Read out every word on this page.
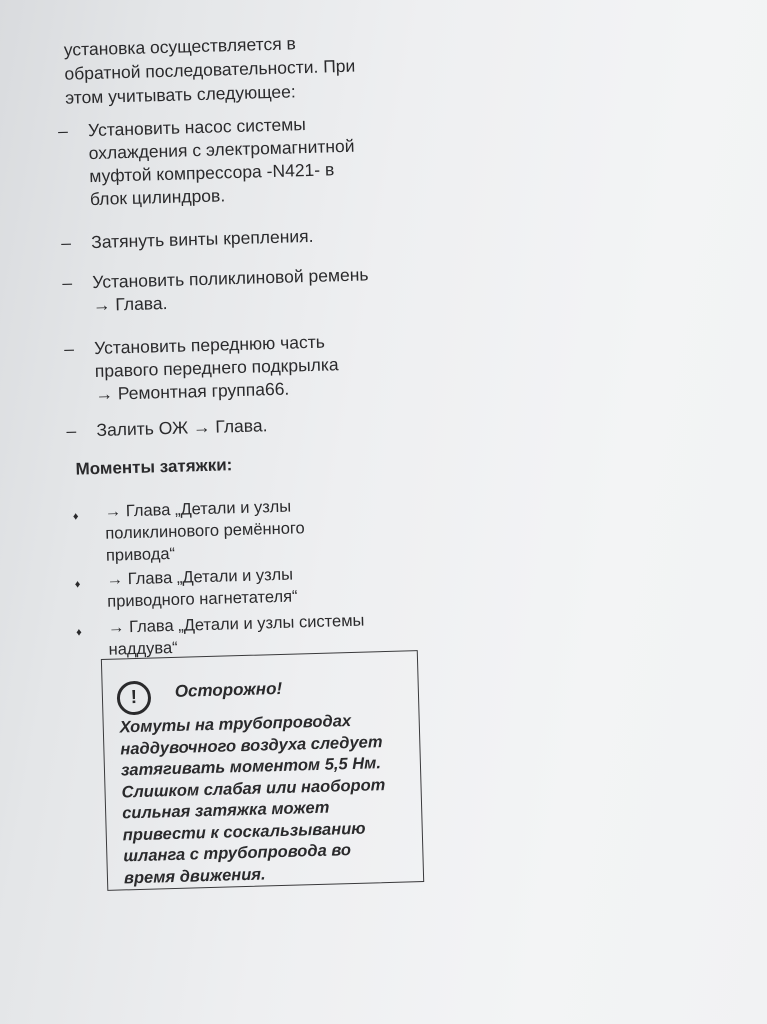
установка осуществляется в
обратной последовательности. При
этом учитывать следующее:
–	Установить насос системы
охлаждения с электромагнитной
муфтой компрессора -N421- в
блок цилиндров.
–	Затянуть винты крепления.
–	Установить поликлиновой ремень
→ Глава.
–	Установить переднюю часть
правого переднего подкрылка
→ Ремонтная группа66.
–	Залить ОЖ → Глава.
Моменты затяжки:
♦ → Глава „Детали и узлы
поликлинового ремённого
привода“
♦ → Глава „Детали и узлы
приводного нагнетателя“
♦ → Глава „Детали и узлы системы
наддува“
!	Осторожно!
Хомуты на трубопроводах
наддувочного воздуха следует
затягивать моментом 5,5 Нм.
Слишком слабая или наоборот
сильная затяжка может
привести к соскальзыванию
шланга с трубопровода во
время движения.
